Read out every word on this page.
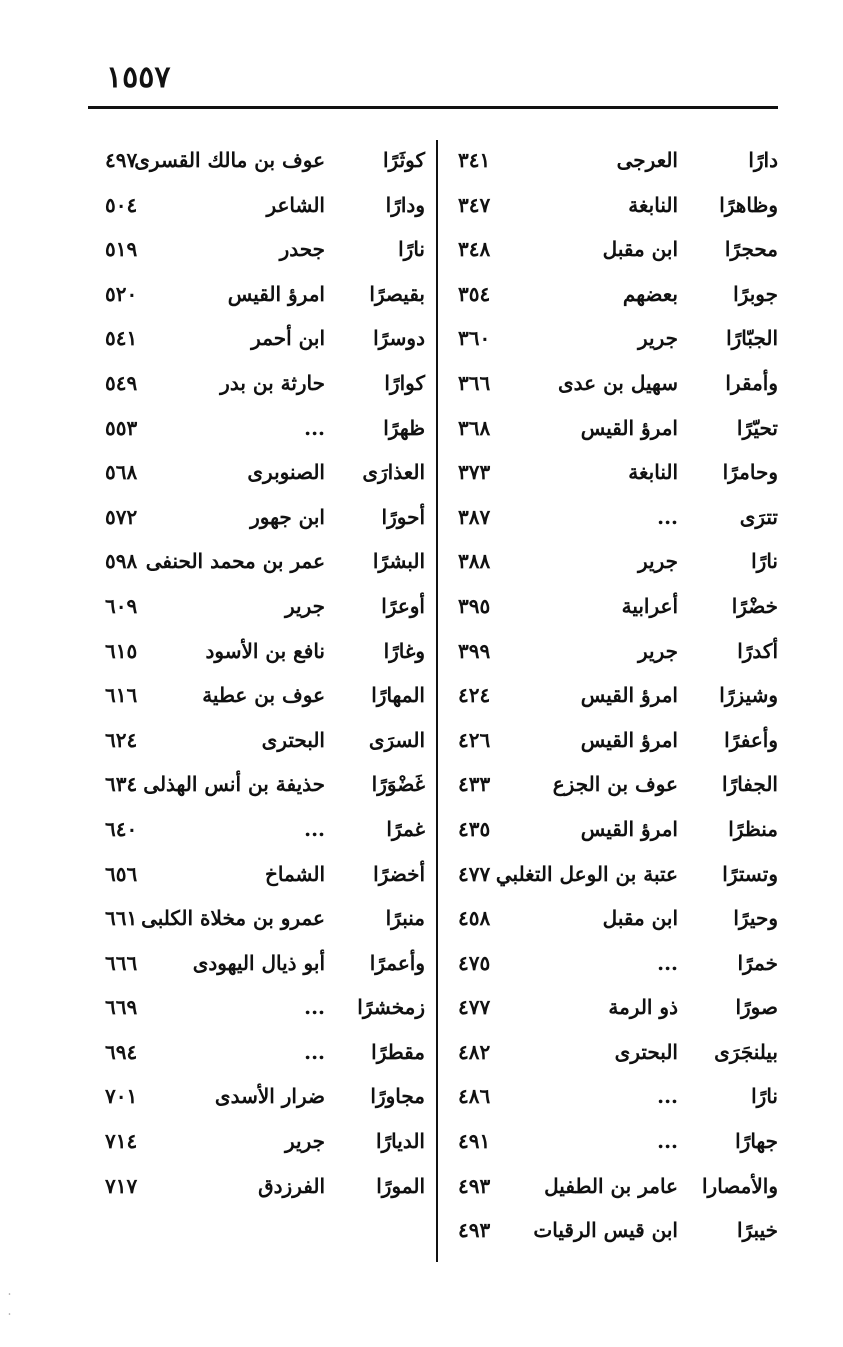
١٥٥٧
دارًا
العرجى
٣٤١
وظاهرًا
النابغة
٣٤٧
محجرًا
ابن مقبل
٣٤٨
جوبرًا
بعضهم
٣٥٤
الجبّارًا
جرير
٣٦٠
وأمقرا
سهيل بن عدى
٣٦٦
تحيّرًا
امرؤ القيس
٣٦٨
وحامرًا
النابغة
٣٧٣
تترَى
...
٣٨٧
نارًا
جرير
٣٨٨
خضْرًا
أعرابية
٣٩٥
أكدرًا
جرير
٣٩٩
وشيزرًا
امرؤ القيس
٤٢٤
وأعفرًا
امرؤ القيس
٤٢٦
الجفارًا
عوف بن الجزع
٤٣٣
منظرًا
امرؤ القيس
٤٣٥
وتسترًا
عتبة بن الوعل التغلبي
٤٧٧
وحيرًا
ابن مقبل
٤٥٨
خمرًا
...
٤٧٥
صورًا
ذو الرمة
٤٧٧
بيلنجَرَى
البحترى
٤٨٢
نارًا
...
٤٨٦
جهارًا
...
٤٩١
والأمصارا
عامر بن الطفيل
٤٩٣
خيبرًا
ابن قيس الرقيات
٤٩٣
كوثَرًا
عوف بن مالك القسرى
٤٩٧
ودارًا
الشاعر
٥٠٤
نارًا
جحدر
٥١٩
بقيصرًا
امرؤ القيس
٥٢٠
دوسرًا
ابن أحمر
٥٤١
كوارًا
حارثة بن بدر
٥٤٩
ظهرًا
...
٥٥٣
العذارَى
الصنوبرى
٥٦٨
أحورًا
ابن جهور
٥٧٢
البشرًا
عمر بن محمد الحنفى
٥٩٨
أوعرًا
جرير
٦٠٩
وغارًا
نافع بن الأسود
٦١٥
المهارًا
عوف بن عطية
٦١٦
السرَى
البحترى
٦٢٤
غَضْوَرًا
حذيفة بن أنس الهذلى
٦٣٤
غمرًا
...
٦٤٠
أخضرًا
الشماخ
٦٥٦
منبرًا
عمرو بن مخلاة الكلبى
٦٦١
وأعمرًا
أبو ذيال اليهودى
٦٦٦
زمخشرًا
...
٦٦٩
مقطرًا
...
٦٩٤
مجاورًا
ضرار الأسدى
٧٠١
الديارًا
جرير
٧١٤
المورًا
الفرزدق
٧١٧
